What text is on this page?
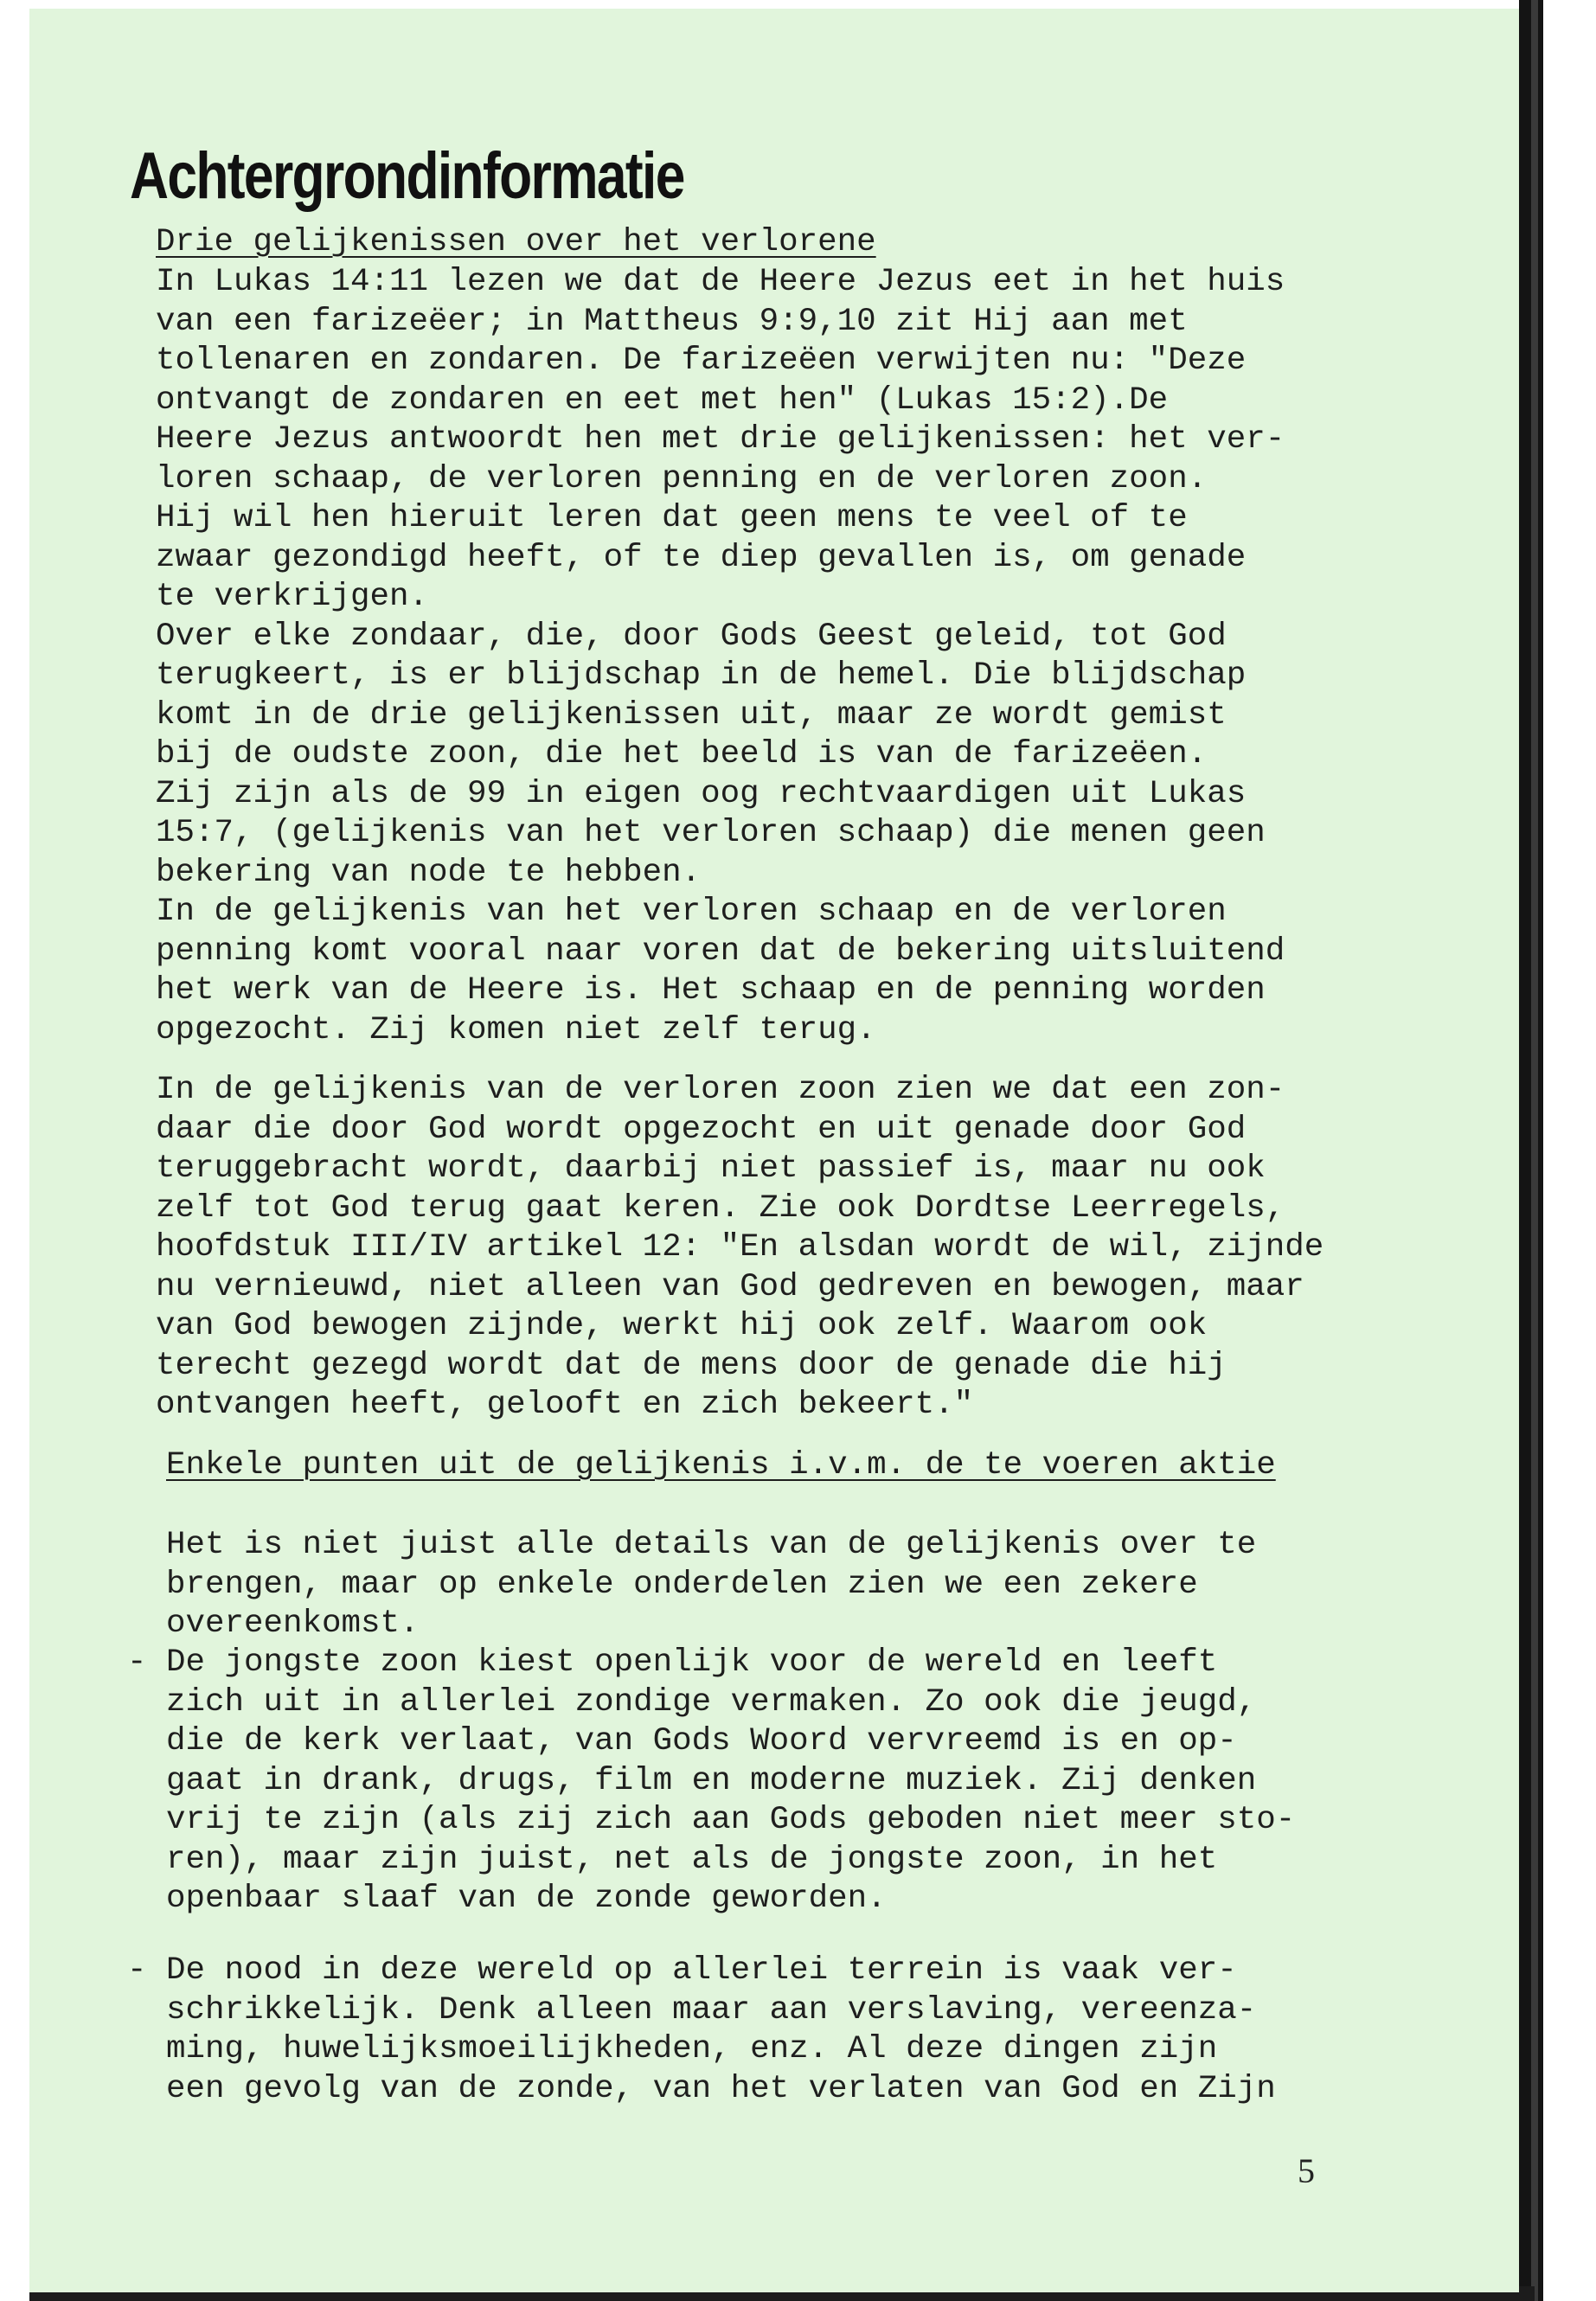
Achtergrondinformatie
Drie gelijkenissen over het verlorene

In Lukas 14:11 lezen we dat de Heere Jezus eet in het huis

van een farizeëer; in Mattheus 9:9,10 zit Hij aan met

tollenaren en zondaren. De farizeëen verwijten nu: "Deze

ontvangt de zondaren en eet met hen" (Lukas 15:2).De

Heere Jezus antwoordt hen met drie gelijkenissen: het ver-

loren schaap, de verloren penning en de verloren zoon.

Hij wil hen hieruit leren dat geen mens te veel of te

zwaar gezondigd heeft, of te diep gevallen is, om genade

te verkrijgen.

Over elke zondaar, die, door Gods Geest geleid, tot God

terugkeert, is er blijdschap in de hemel. Die blijdschap

komt in de drie gelijkenissen uit, maar ze wordt gemist

bij de oudste zoon, die het beeld is van de farizeëen.

Zij zijn als de 99 in eigen oog rechtvaardigen uit Lukas

15:7, (gelijkenis van het verloren schaap) die menen geen

bekering van node te hebben.

In de gelijkenis van het verloren schaap en de verloren

penning komt vooral naar voren dat de bekering uitsluitend

het werk van de Heere is. Het schaap en de penning worden

opgezocht. Zij komen niet zelf terug.

In de gelijkenis van de verloren zoon zien we dat een zon-

daar die door God wordt opgezocht en uit genade door God

teruggebracht wordt, daarbij niet passief is, maar nu ook

zelf tot God terug gaat keren. Zie ook Dordtse Leerregels,

hoofdstuk III/IV artikel 12: "En alsdan wordt de wil, zijnde

nu vernieuwd, niet alleen van God gedreven en bewogen, maar

van God bewogen zijnde, werkt hij ook zelf. Waarom ook

terecht gezegd wordt dat de mens door de genade die hij

ontvangen heeft, gelooft en zich bekeert."

Enkele punten uit de gelijkenis i.v.m. de te voeren aktie

Het is niet juist alle details van de gelijkenis over te

brengen, maar op enkele onderdelen zien we een zekere

overeenkomst.

- De jongste zoon kiest openlijk voor de wereld en leeft

zich uit in allerlei zondige vermaken. Zo ook die jeugd,

die de kerk verlaat, van Gods Woord vervreemd is en op-

gaat in drank, drugs, film en moderne muziek. Zij denken

vrij te zijn (als zij zich aan Gods geboden niet meer sto-

ren), maar zijn juist, net als de jongste zoon, in het

openbaar slaaf van de zonde geworden.

- De nood in deze wereld op allerlei terrein is vaak ver-

schrikkelijk. Denk alleen maar aan verslaving, vereenza-

ming, huwelijksmoeilijkheden, enz. Al deze dingen zijn

een gevolg van de zonde, van het verlaten van God en Zijn

5
